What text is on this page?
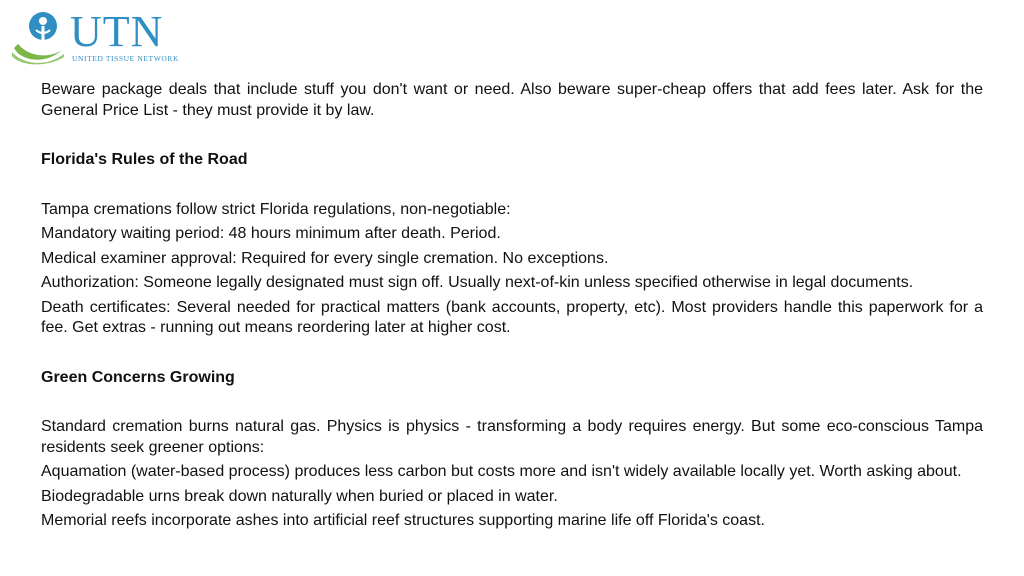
UTN
UNITED TISSUE NETWORK

Beware package deals that include stuff you don't want or need. Also beware super-cheap offers that add fees later. Ask for the General Price List - they must provide it by law.

Florida's Rules of the Road

Tampa cremations follow strict Florida regulations, non-negotiable:

Mandatory waiting period: 48 hours minimum after death. Period.

Medical examiner approval: Required for every single cremation. No exceptions.

Authorization: Someone legally designated must sign off. Usually next-of-kin unless specified otherwise in legal documents.

Death certificates: Several needed for practical matters (bank accounts, property, etc). Most providers handle this paperwork for a fee. Get extras - running out means reordering later at higher cost.

Green Concerns Growing

Standard cremation burns natural gas. Physics is physics - transforming a body requires energy. But some eco-conscious Tampa residents seek greener options:

Aquamation (water-based process) produces less carbon but costs more and isn't widely available locally yet. Worth asking about.

Biodegradable urns break down naturally when buried or placed in water.

Memorial reefs incorporate ashes into artificial reef structures supporting marine life off Florida's coast.
